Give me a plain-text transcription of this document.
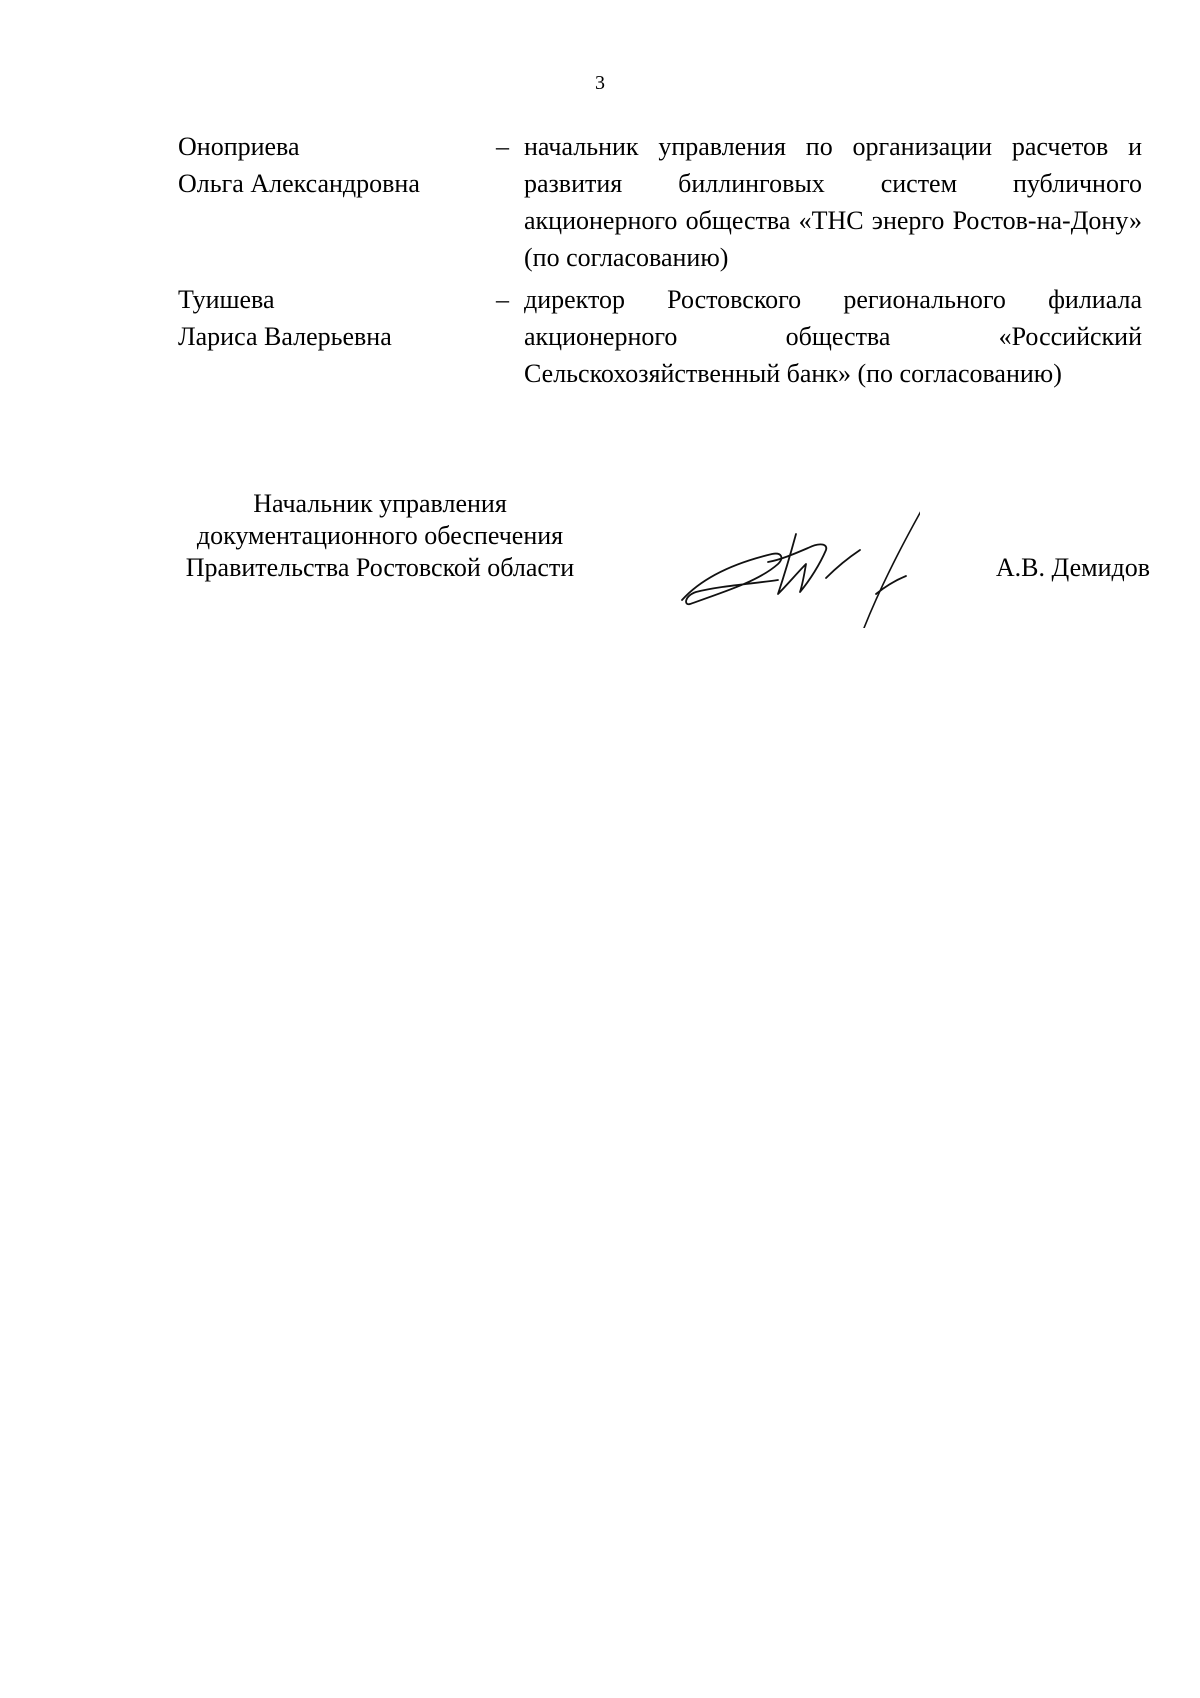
3
Оноприева
Ольга Александровна
– начальник управления по организации расчетов и развития биллинговых систем публичного акционерного общества «ТНС энерго Ростов-на-Дону» (по согласованию)
Туишева
Лариса Валерьевна
– директор Ростовского регионального филиала акционерного общества «Российский Сельскохозяйственный банк» (по согласованию)
Начальник управления
документационного обеспечения
Правительства Ростовской области	А.В. Демидов
